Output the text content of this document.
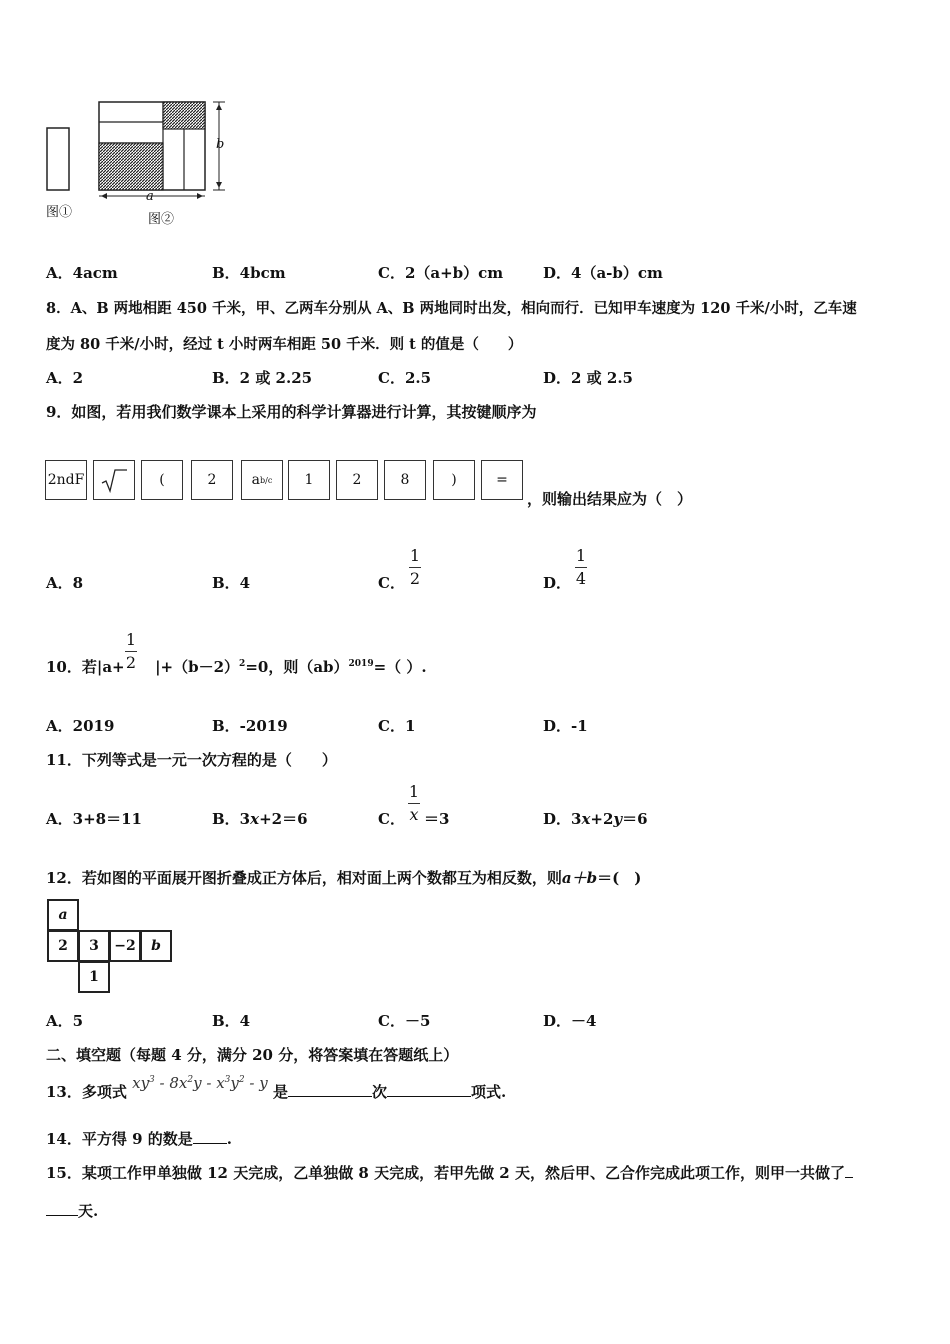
b
a
图①	图②
A．4acm	B．4bcm	C．2（a+b）cm	D．4（a-b）cm
8．A、B 两地相距 450 千米，甲、乙两车分别从 A、B 两地同时出发，相向而行．已知甲车速度为 120 千米/小时，乙车速
度为 80 千米/小时，经过 t 小时两车相距 50 千米．则 t 的值是（　　）
A．2	B．2 或 2.25	C．2.5	D．2 或 2.5
9．如图，若用我们数学课本上采用的科学计算器进行计算，其按键顺序为
2ndF	(	2	a b/c	1	2	8	)	=
，则输出结果应为（　）
A．8	B．4	C．
1
2	D．
1
4
10．若$|a+ |+(b-2)^2=0$，则（ab）$^{2019}$=（ ）.
1
2
A．2019	B．-2019	C．1	D．-1
11．下列等式是一元一次方程的是（　　）
A．3+8＝11	B．3x+2＝6	C．
1
x ＝3	D．3x+2y＝6
12．若如图的平面展开图折叠成正方体后，相对面上两个数都互为相反数，则a＋b＝(　)
a
2	3	−2	b
1
A．5	B．4	C．－5	D．－4
二、填空题（每题 4 分，满分 20 分，将答案填在答题纸上）
13．多项式 $xy^3 - 8x^2y - x^3y^2$ - y 是	次	项式.
14．平方得 9 的数是 .
15．某项工作甲单独做 12 天完成，乙单独做 8 天完成，若甲先做 2 天，然后甲、乙合作完成此项工作，则甲一共做了
天.
